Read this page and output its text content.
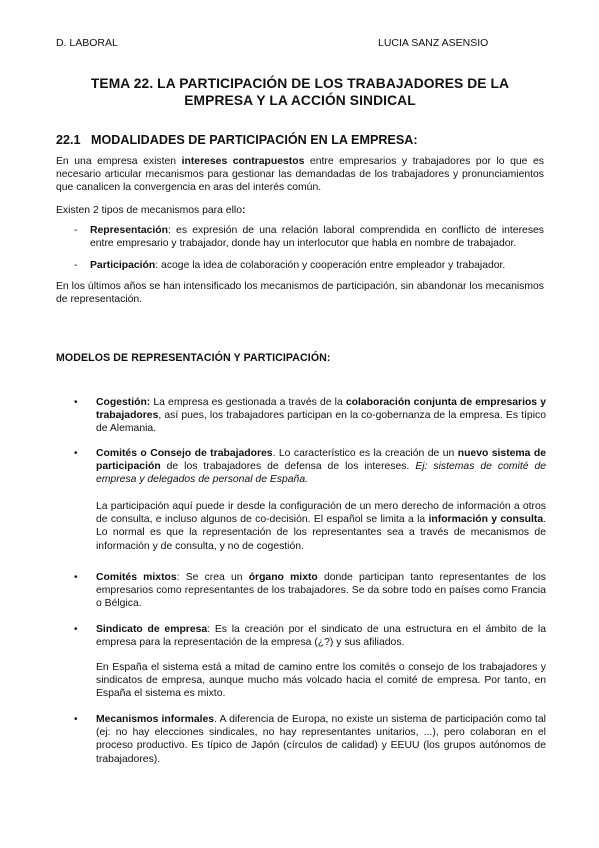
D. LABORAL	LUCIA SANZ ASENSIO
TEMA 22. LA PARTICIPACIÓN DE LOS TRABAJADORES DE LA
EMPRESA Y LA ACCIÓN SINDICAL
22.1   MODALIDADES DE PARTICIPACIÓN EN LA EMPRESA:
En una empresa existen intereses contrapuestos entre empresarios y trabajadores por lo que es necesario articular mecanismos para gestionar las demandadas de los trabajadores y pronunciamientos que canalicen la convergencia en aras del interés común.
Existen 2 tipos de mecanismos para ello:
- Representación: es expresión de una relación laboral comprendida en conflicto de intereses entre empresario y trabajador, donde hay un interlocutor que habla en nombre de trabajador.
- Participación: acoge la idea de colaboración y cooperación entre empleador y trabajador.
En los últimos años se han intensificado los mecanismos de participación, sin abandonar los mecanismos de representación.
MODELOS DE REPRESENTACIÓN Y PARTICIPACIÓN:
• Cogestión: La empresa es gestionada a través de la colaboración conjunta de empresarios y trabajadores, así pues, los trabajadores participan en la co-gobernanza de la empresa. Es típico de Alemania.
• Comités o Consejo de trabajadores. Lo característico es la creación de un nuevo sistema de participación de los trabajadores de defensa de los intereses. Ej: sistemas de comité de empresa y delegados de personal de España.
La participación aquí puede ir desde la configuración de un mero derecho de información a otros de consulta, e incluso algunos de co-decisión. El español se limita a la información y consulta. Lo normal es que la representación de los representantes sea a través de mecanismos de información y de consulta, y no de cogestión.
• Comités mixtos: Se crea un órgano mixto donde participan tanto representantes de los empresarios como representantes de los trabajadores. Se da sobre todo en países como Francia o Bélgica.
• Sindicato de empresa: Es la creación por el sindicato de una estructura en el ámbito de la empresa para la representación de la empresa (¿?) y sus afiliados.
En España el sistema está a mitad de camino entre los comités o consejo de los trabajadores y sindicatos de empresa, aunque mucho más volcado hacia el comité de empresa. Por tanto, en España el sistema es mixto.
• Mecanismos informales. A diferencia de Europa, no existe un sistema de participación como tal (ej: no hay elecciones sindicales, no hay representantes unitarios, ...), pero colaboran en el proceso productivo. Es típico de Japón (círculos de calidad) y EEUU (los grupos autónomos de trabajadores).
